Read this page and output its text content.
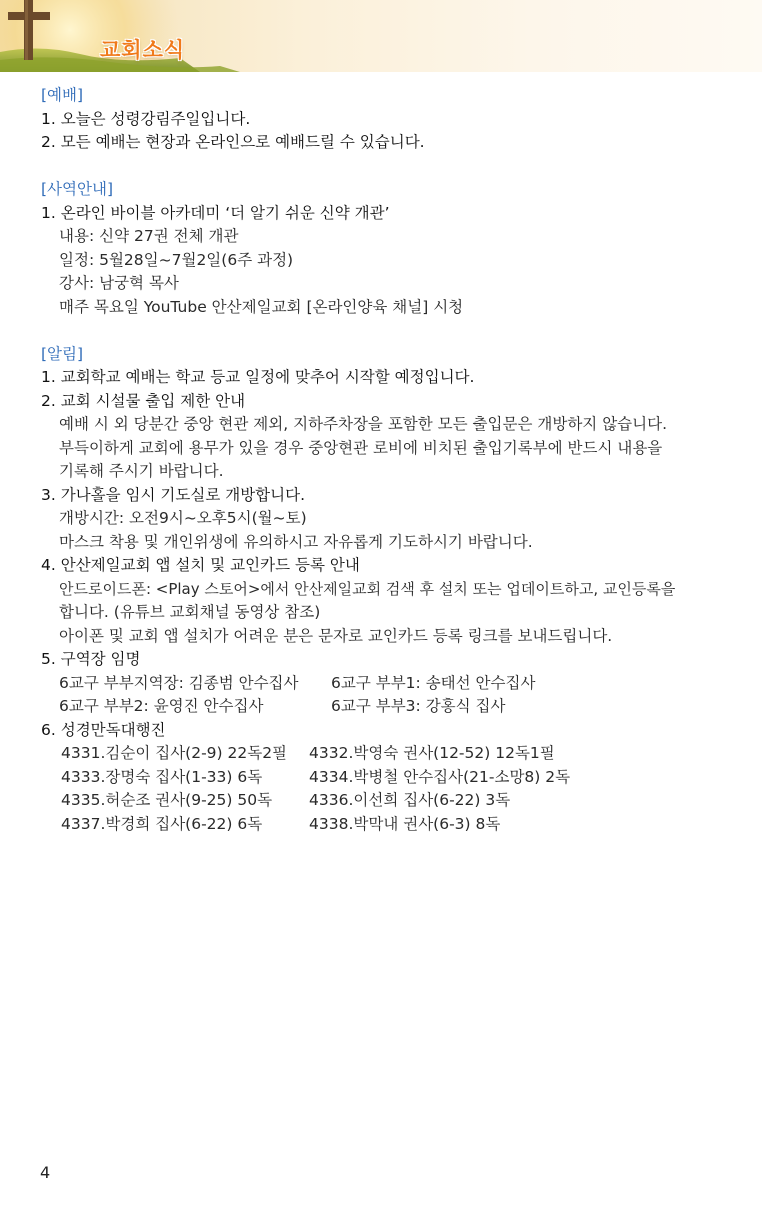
교회소식
[예배]
1. 오늘은 성령강림주일입니다.
2. 모든 예배는 현장과 온라인으로 예배드릴 수 있습니다.
[사역안내]
1. 온라인 바이블 아카데미 ‘더 알기 쉬운 신약 개관’
내용: 신약 27권 전체 개관
일정: 5월28일~7월2일(6주 과정)
강사: 남궁혁 목사
매주 목요일 YouTube 안산제일교회 [온라인양육 채널] 시청
[알림]
1. 교회학교 예배는 학교 등교 일정에 맞추어 시작할 예정입니다.
2. 교회 시설물 출입 제한 안내
예배 시 외 당분간 중앙 현관 제외, 지하주차장을 포함한 모든 출입문은 개방하지 않습니다.
부득이하게 교회에 용무가 있을 경우 중앙현관 로비에 비치된 출입기록부에 반드시 내용을
기록해 주시기 바랍니다.
3. 가나홀을 임시 기도실로 개방합니다.
개방시간: 오전9시~오후5시(월~토)
마스크 착용 및 개인위생에 유의하시고 자유롭게 기도하시기 바랍니다.
4. 안산제일교회 앱 설치 및 교인카드 등록 안내
안드로이드폰: <Play 스토어>에서 안산제일교회 검색 후 설치 또는 업데이트하고, 교인등록을
합니다. (유튜브 교회채널 동영상 참조)
아이폰 및 교회 앱 설치가 어려운 분은 문자로 교인카드 등록 링크를 보내드립니다.
5. 구역장 임명
6교구 부부지역장: 김종범 안수집사	6교구 부부1: 송태선 안수집사
6교구 부부2: 윤영진 안수집사	6교구 부부3: 강홍식 집사
6. 성경만독대행진
4331.김순이 집사(2-9) 22독2필	4332.박영숙 권사(12-52) 12독1필
4333.장명숙 집사(1-33) 6독	4334.박병철 안수집사(21-소망8) 2독
4335.허순조 권사(9-25) 50독	4336.이선희 집사(6-22) 3독
4337.박경희 집사(6-22) 6독	4338.박막내 권사(6-3) 8독
4
